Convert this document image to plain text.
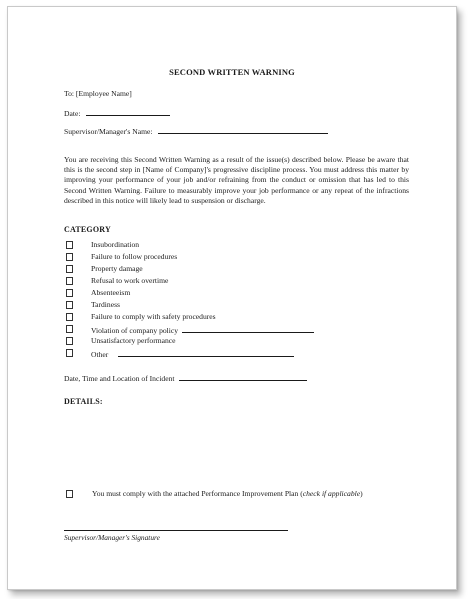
SECOND WRITTEN WARNING
To: [Employee Name]
Date:
Supervisor/Manager's Name:
You are receiving this Second Written Warning as a result of the issue(s) described below. Please be aware that this is the second step in [Name of Company]'s progressive discipline process. You must address this matter by improving your performance of your job and/or refraining from the conduct or omission that has led to this Second Written Warning. Failure to measurably improve your job performance or any repeat of the infractions described in this notice will likely lead to suspension or discharge.
CATEGORY
Insubordination
Failure to follow procedures
Property damage
Refusal to work overtime
Absenteeism
Tardiness
Failure to comply with safety procedures
Violation of company policy
Unsatisfactory performance
Other
Date, Time and Location of Incident
DETAILS:
You must comply with the attached Performance Improvement Plan (check if applicable)
Supervisor/Manager's Signature
